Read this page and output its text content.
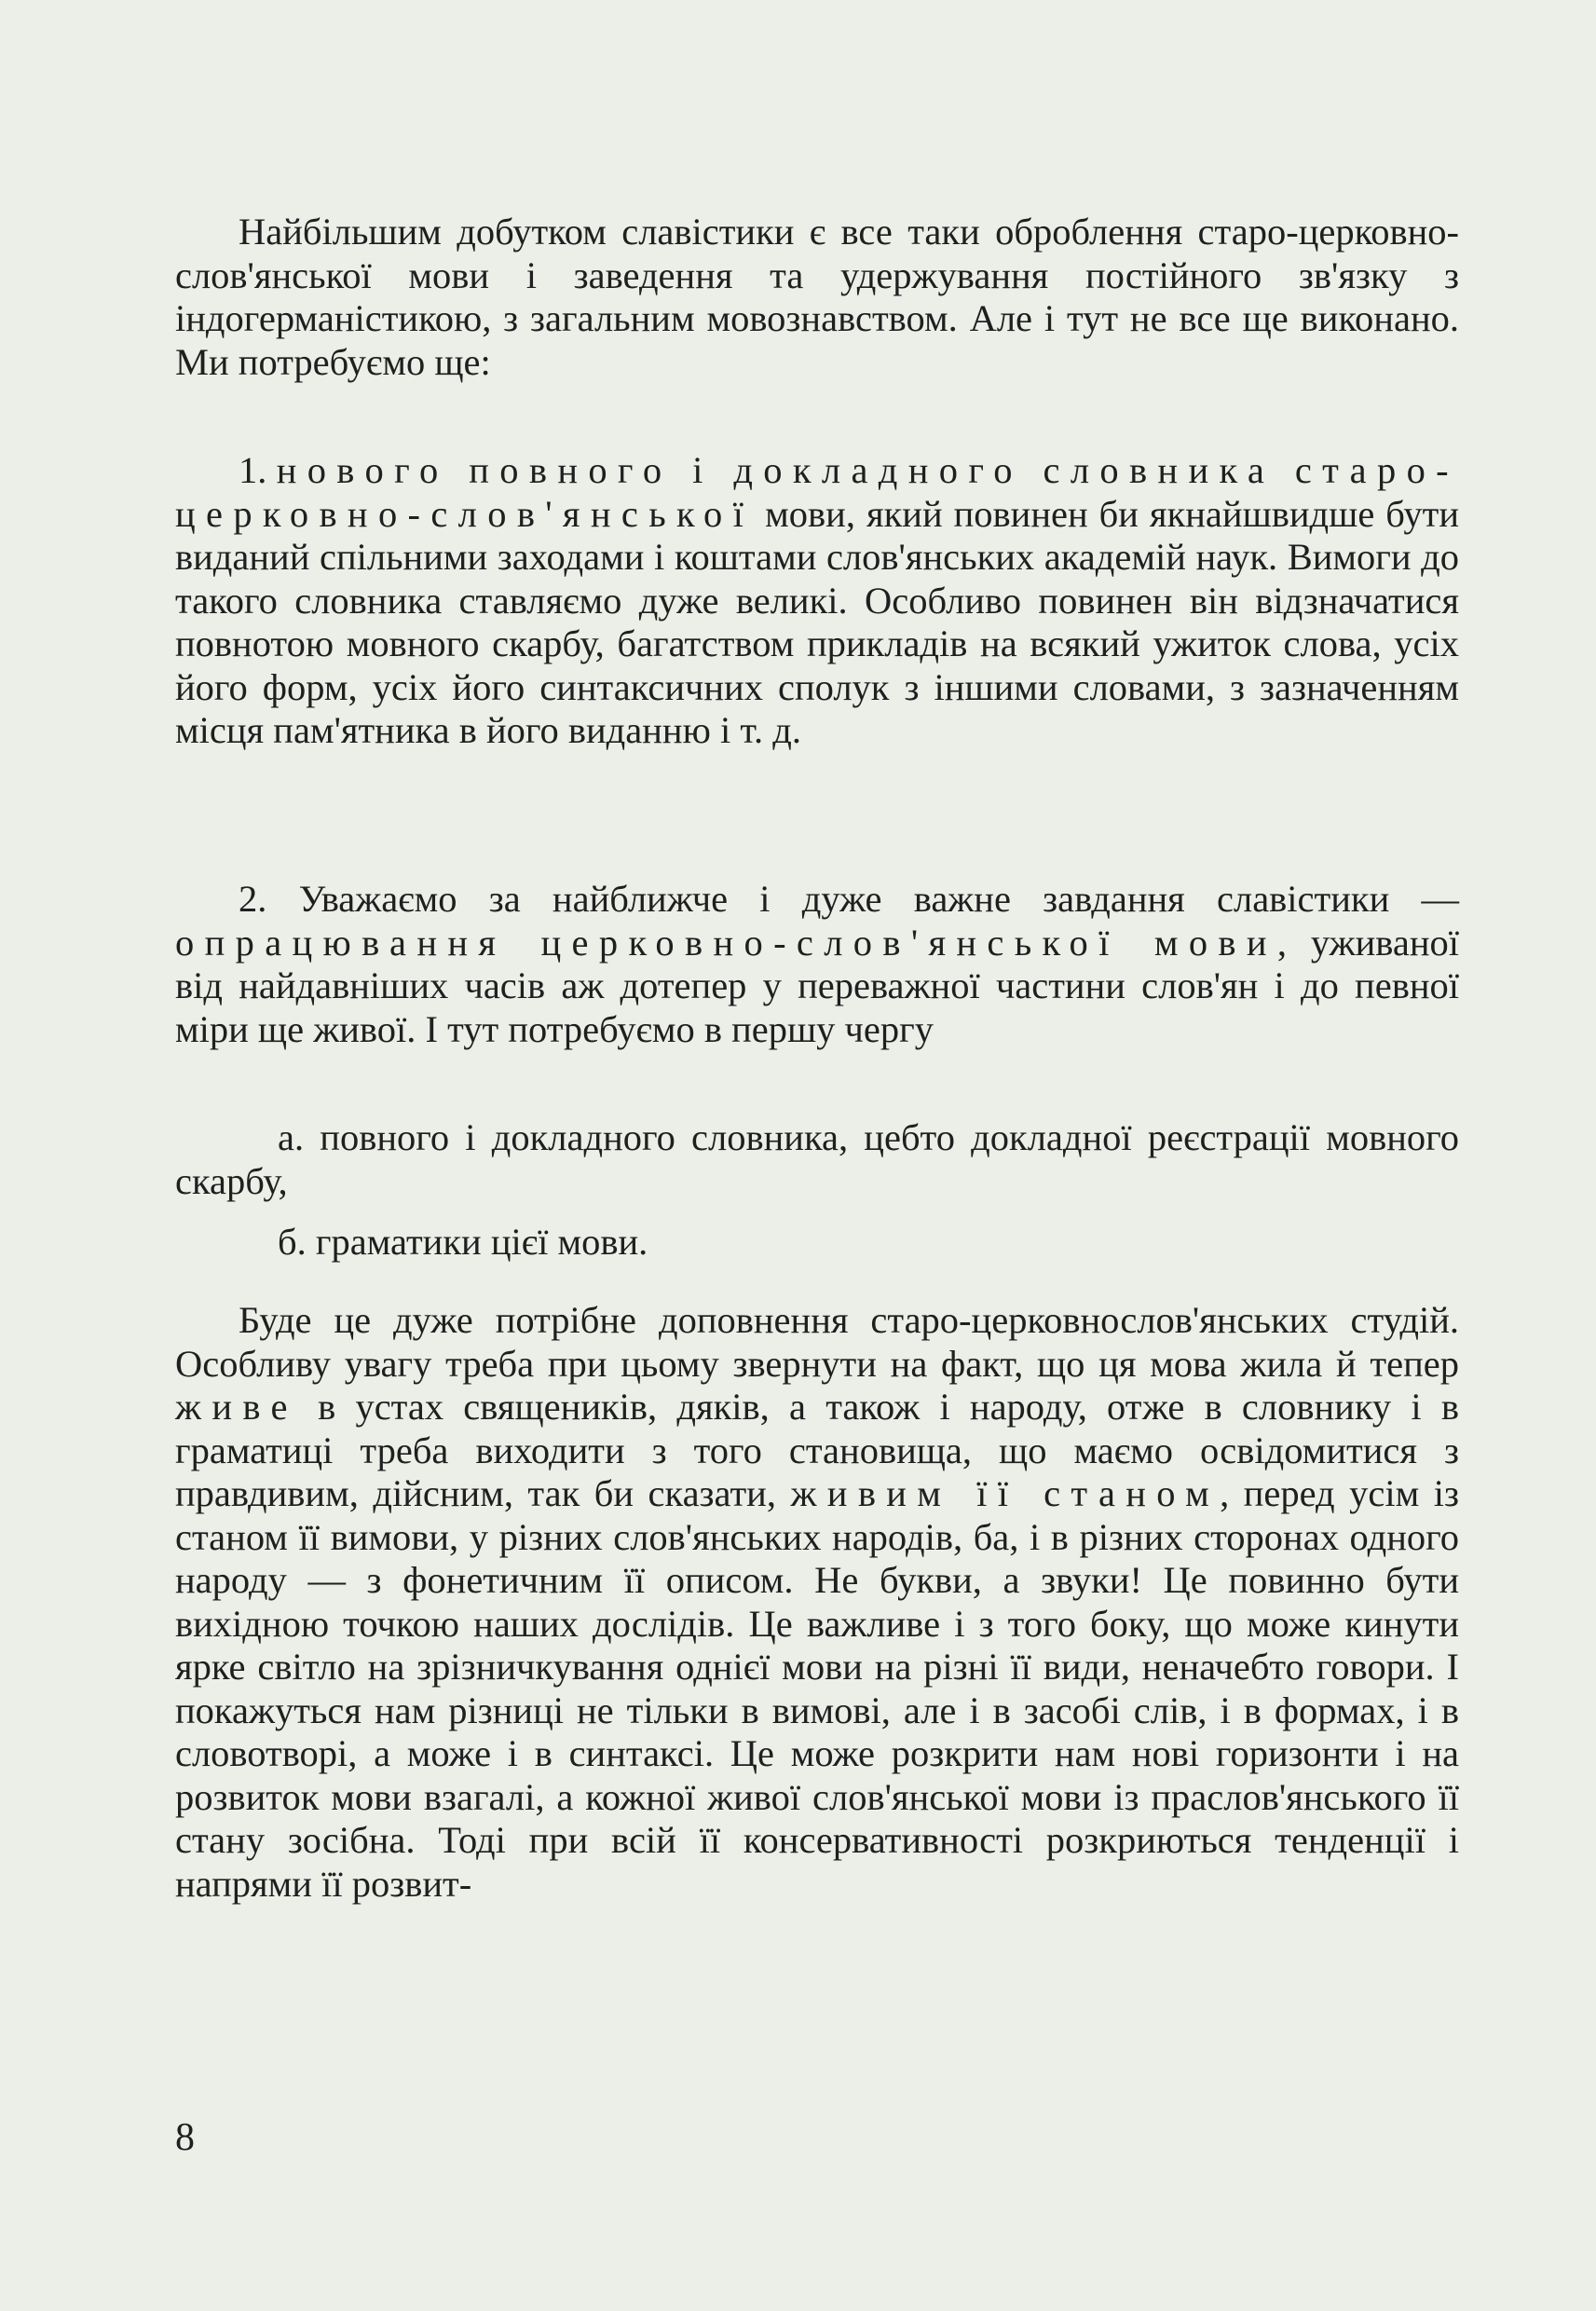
Найбільшим добутком славістики є все таки оброблення старо-церковно-слов'янської мови і заведення та удержування постійного зв'язку з індогерманістикою, з загальним мовознавством. Але і тут не все ще виконано. Ми потребуємо ще:

1. нового повного і докладного словника старо-церковно-слов'янської мови, який повинен би якнайшвидше бути виданий спільними заходами і коштами слов'янських академій наук. Вимоги до такого словника ставляємо дуже великі. Особливо повинен він відзначатися повнотою мовного скарбу, багатством прикладів на всякий ужиток слова, усіх його форм, усіх його синтаксичних сполук з іншими словами, з зазначенням місця пам'ятника в його виданню і т. д.

2. Уважаємо за найближче і дуже важне завдання славістики — опрацювання церковно-слов'янської мови, уживаної від найдавніших часів аж дотепер у переважної частини слов'ян і до певної міри ще живої. І тут потребуємо в першу чергу

а. повного і докладного словника, цебто докладної реєстрації мовного скарбу,

б. граматики цієї мови.

Буде це дуже потрібне доповнення старо-церковнослов'янських студій. Особливу увагу треба при цьому звернути на факт, що ця мова жила й тепер живе в устах священиків, дяків, а також і народу, отже в словнику і в граматиці треба виходити з того становища, що маємо освідомитися з правдивим, дійсним, так би сказати, живим її станом, перед усім із станом її вимови, у різних слов'янських народів, ба, і в різних сторонах одного народу — з фонетичним її описом. Не букви, а звуки! Це повинно бути вихідною точкою наших дослідів. Це важливе і з того боку, що може кинути ярке світло на зрізничкування однієї мови на різні її види, неначебто говори. І покажуться нам різниці не тільки в вимові, але і в засобі слів, і в формах, і в словотворі, а може і в синтаксі. Це може розкрити нам нові горизонти і на розвиток мови взагалі, а кожної живої слов'янської мови із праслов'янського її стану зосібна. Тоді при всій її консервативності розкриються тенденції і напрями її розвит-

8
